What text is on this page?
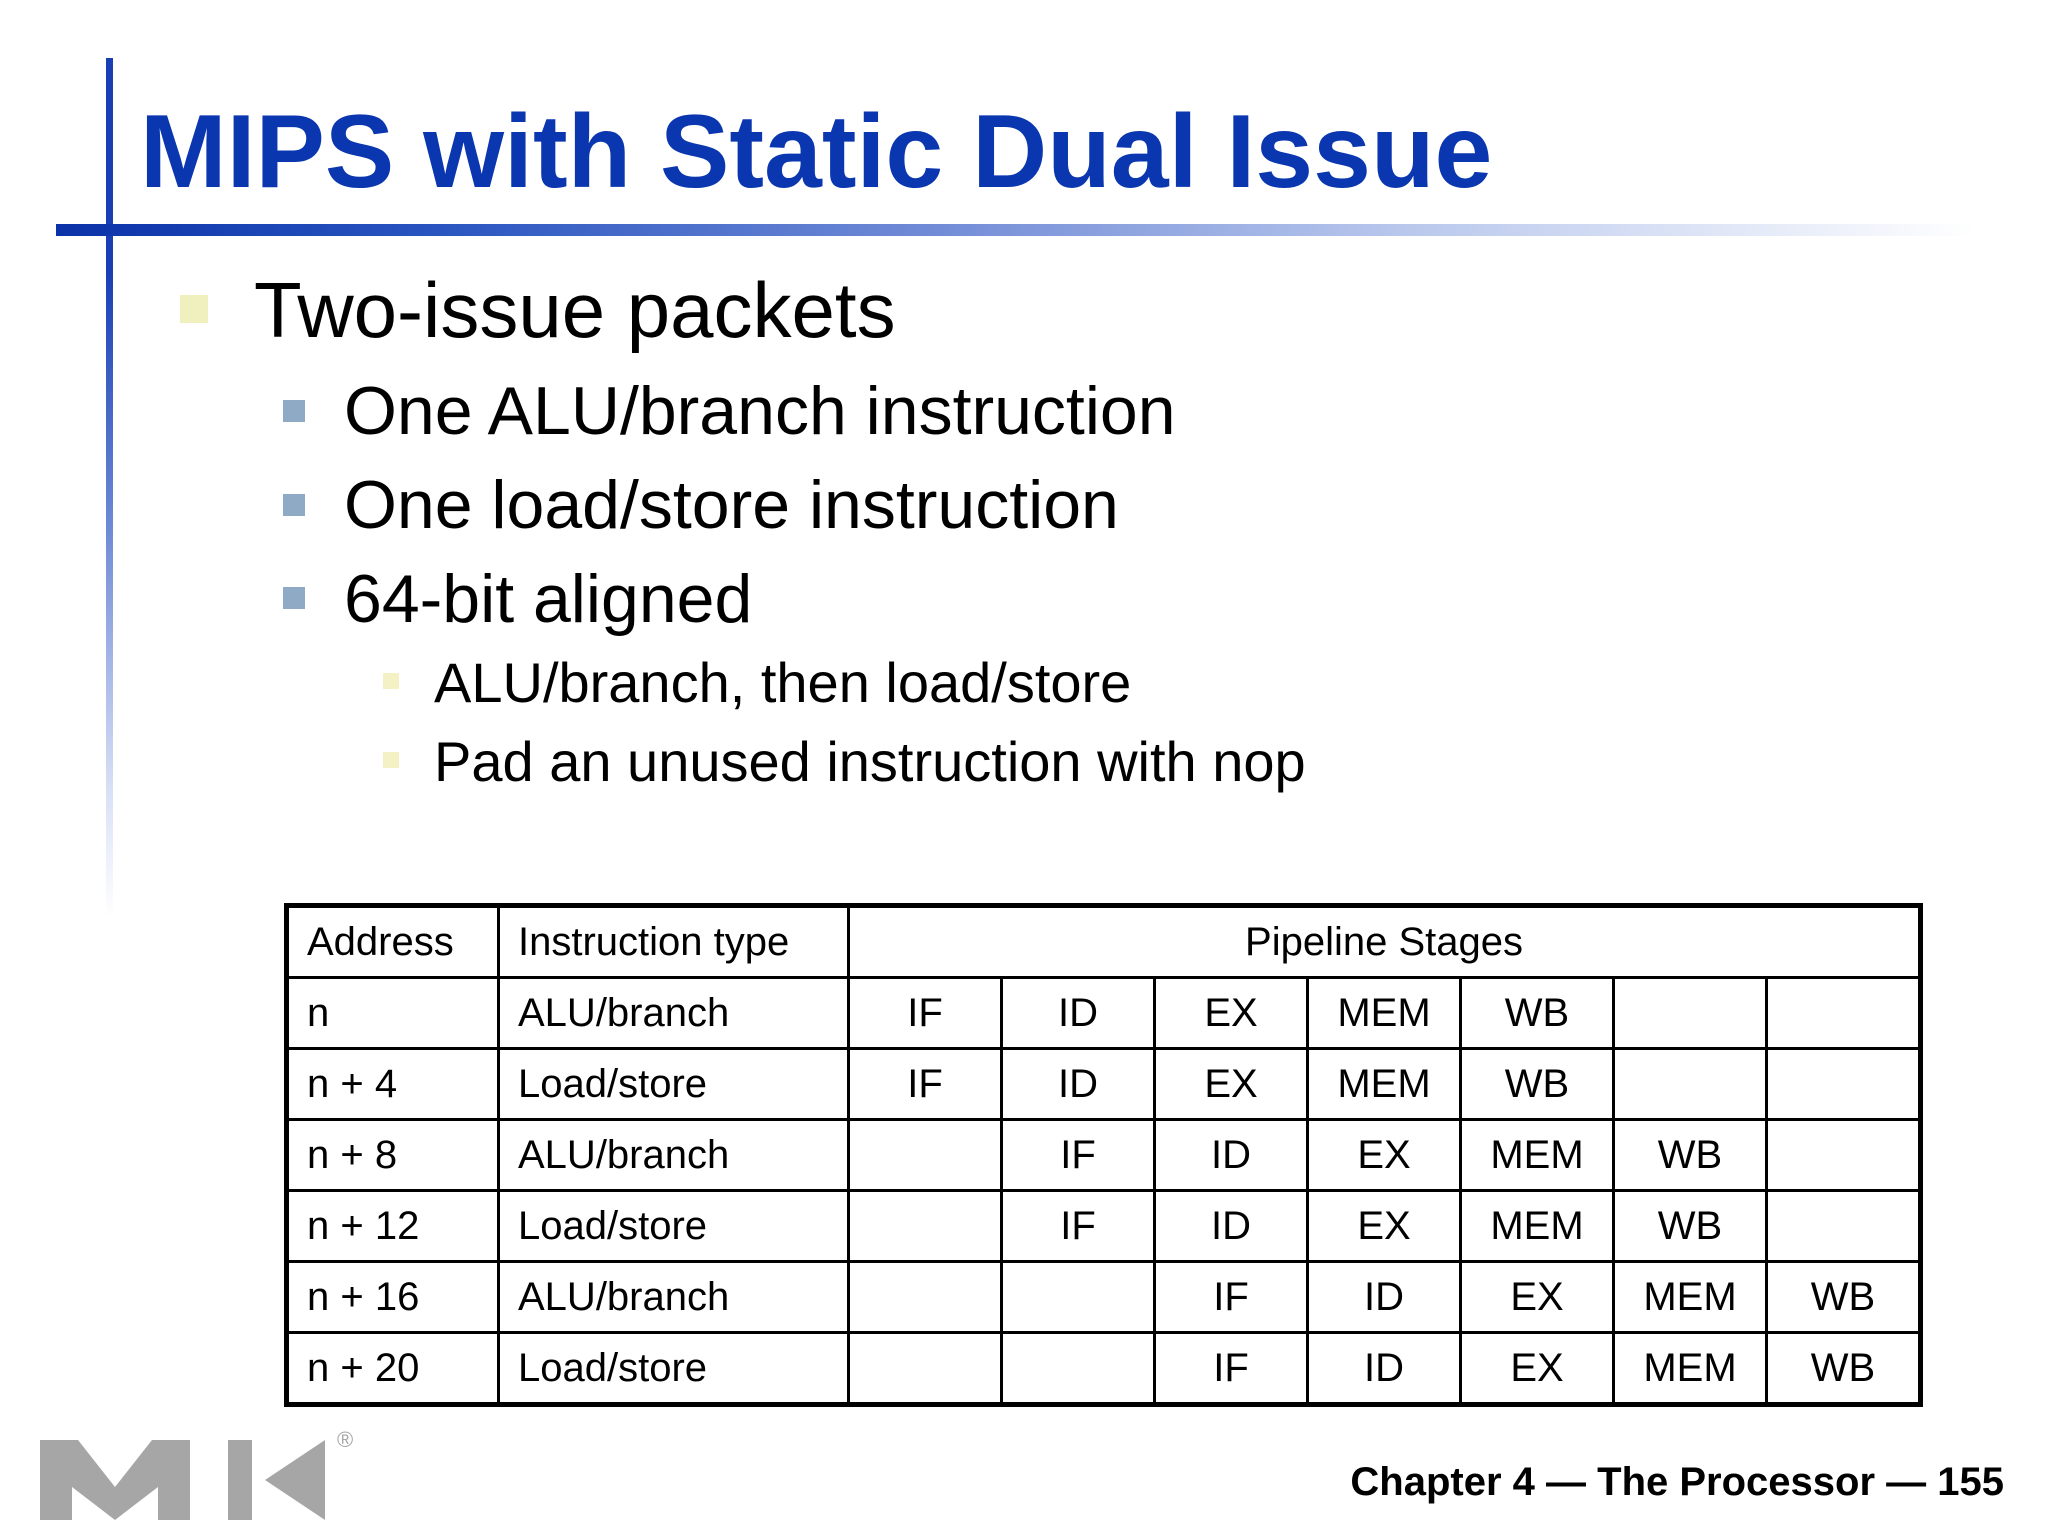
MIPS with Static Dual Issue
Two-issue packets
One ALU/branch instruction
One load/store instruction
64-bit aligned
ALU/branch, then load/store
Pad an unused instruction with nop
Address	Instruction type	Pipeline Stages						
n	ALU/branch	IF	ID	EX	MEM	WB		
n + 4	Load/store	IF	ID	EX	MEM	WB		
n + 8	ALU/branch		IF	ID	EX	MEM	WB	
n + 12	Load/store		IF	ID	EX	MEM	WB	
n + 16	ALU/branch			IF	ID	EX	MEM	WB
n + 20	Load/store			IF	ID	EX	MEM	WB
®

Chapter 4 — The Processor — 155
